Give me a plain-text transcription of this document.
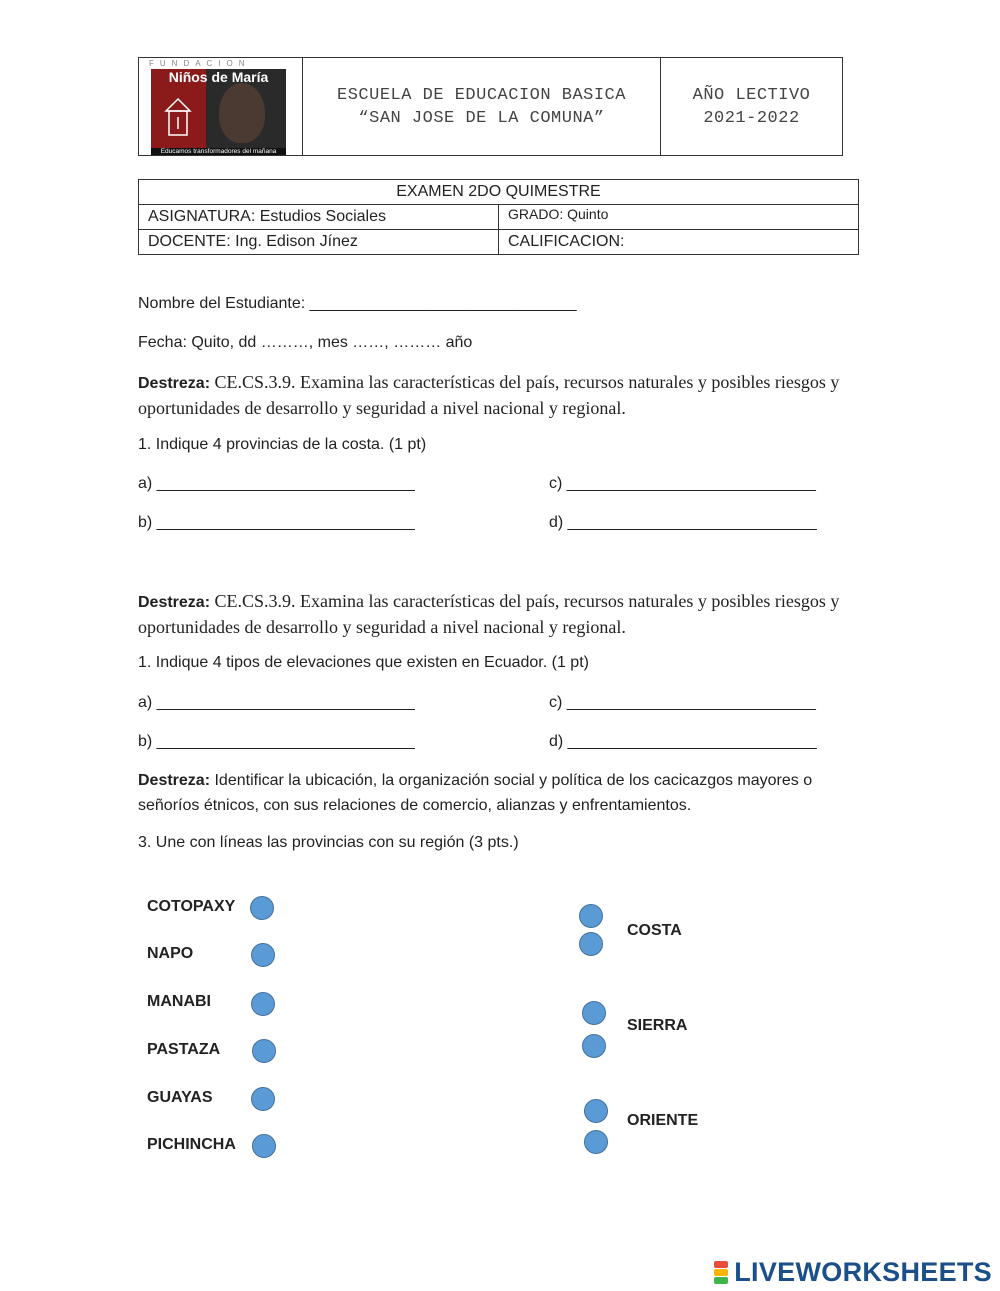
FUNDACION
Niños de María
Educamos transformadores del mañana
ESCUELA DE EDUCACION BASICA
“SAN JOSE DE LA COMUNA”
AÑO LECTIVO
2021-2022
EXAMEN 2DO QUIMESTRE	
ASIGNATURA: Estudios Sociales	GRADO: Quinto
DOCENTE: Ing. Edison Jínez	CALIFICACION:
Nombre del Estudiante: ______________________________
Fecha: Quito, dd ………, mes ……, ……… año
Destreza: CE.CS.3.9. Examina las características del país, recursos naturales y posibles riesgos y oportunidades de desarrollo y seguridad a nivel nacional y regional.
1. Indique 4 provincias de la costa. (1 pt)
a) _____________________________
b) _____________________________
c) ____________________________
d) ____________________________
Destreza: CE.CS.3.9. Examina las características del país, recursos naturales y posibles riesgos y oportunidades de desarrollo y seguridad a nivel nacional y regional.
1. Indique 4 tipos de elevaciones que existen en Ecuador. (1 pt)
a) _____________________________
b) _____________________________
c) ____________________________
d) ____________________________
Destreza: Identificar la ubicación, la organización social y política de los cacicazgos mayores o señoríos étnicos, con sus relaciones de comercio, alianzas y enfrentamientos.
3. Une con líneas las provincias con su región (3 pts.)
COTOPAXY
NAPO
MANABI
PASTAZA
GUAYAS
PICHINCHA
COSTA
SIERRA
ORIENTE
LIVEWORKSHEETS
